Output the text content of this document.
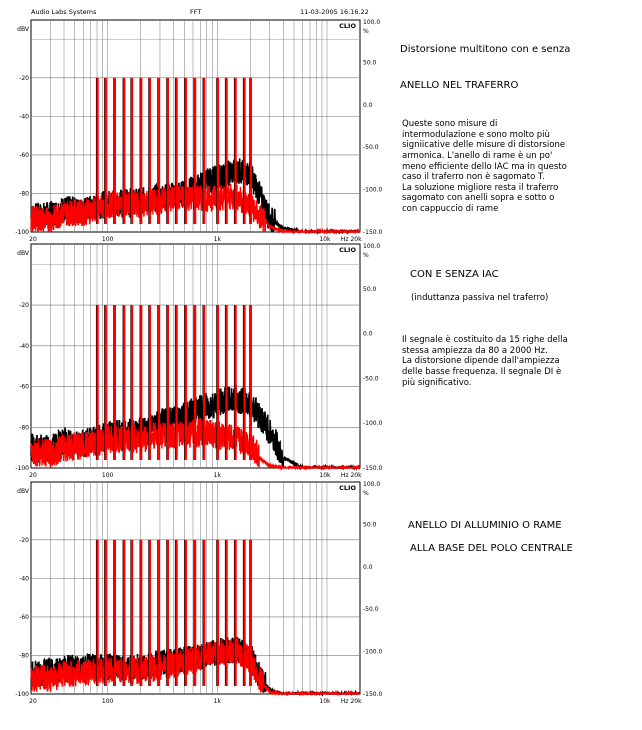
Audio Labs Systems	FFT	11-03-2005 16.16.22
CLIO
dBV
-20
-40
-60
-80
-100
100.0
50.0
0.0
-50.0
-100.0
-150.0
%
20	100	1k	10k Hz 20k
CLIO
dBV
-20
-40
-60
-80
-100
100.0
50.0
0.0
-50.0
-100.0
-150.0
%
20	100	1k	10k Hz 20k
CLIO
dBV
-20
-40
-60
-80
-100
100.0
50.0
0.0
-50.0
-100.0
-150.0
%
20	100	1k	10k Hz 20k
Distorsione multitono con e senza
ANELLO NEL TRAFERRO
Queste sono misure di
intermodulazione e sono molto più
signiicative delle misure di distorsione
armonica. L'anello di rame è un po'
meno efficiente dello IAC ma in questo
caso il traferro non è sagomato T.
La soluzione migliore resta il traferro
sagomato con anelli sopra e sotto o
con cappuccio di rame
CON E SENZA IAC
(induttanza passiva nel traferro)
Il segnale è costituito da 15 righe della
stessa ampiezza da 80 a 2000 Hz.
La distorsione dipende dall'ampiezza
delle basse frequenza. Il segnale DI è
più significativo.
ANELLO DI ALLUMINIO O RAME
ALLA BASE DEL POLO CENTRALE
